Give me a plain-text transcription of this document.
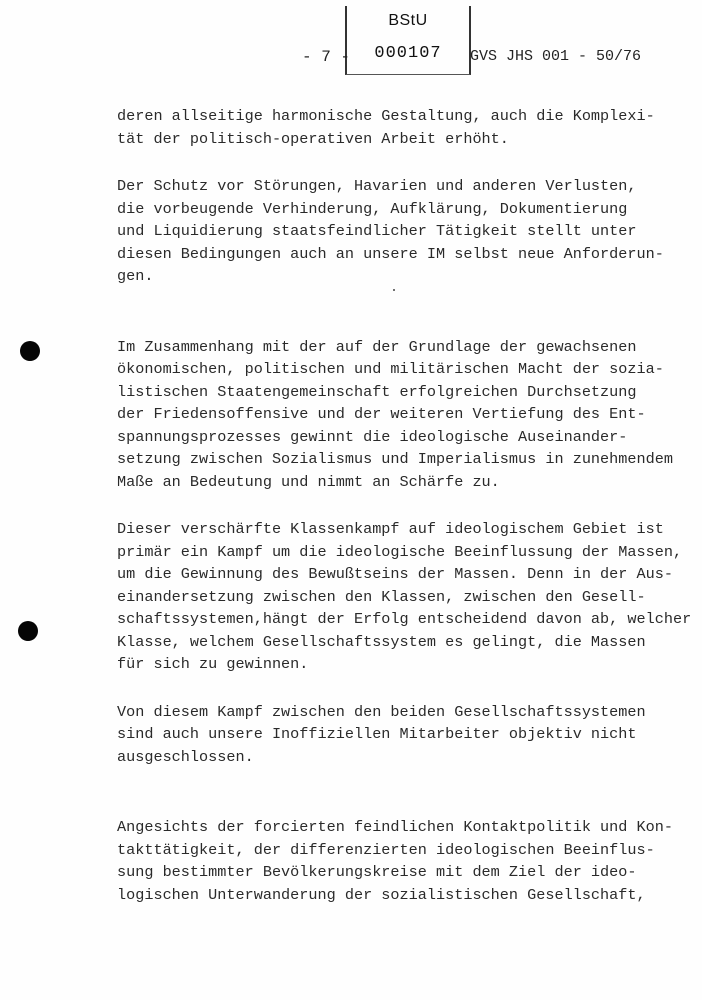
BStU
000107
- 7 -	GVS JHS 001 - 50/76
deren allseitige harmonische Gestaltung, auch die Komplexi-
tät der politisch-operativen Arbeit erhöht.
Der Schutz vor Störungen, Havarien und anderen Verlusten,
die vorbeugende Verhinderung, Aufklärung, Dokumentierung
und Liquidierung staatsfeindlicher Tätigkeit stellt unter
diesen Bedingungen auch an unsere IM selbst neue Anforderun-
gen.
Im Zusammenhang mit der auf der Grundlage der gewachsenen
ökonomischen, politischen und militärischen Macht der sozia-
listischen Staatengemeinschaft erfolgreichen Durchsetzung
der Friedensoffensive und der weiteren Vertiefung des Ent-
spannungsprozesses gewinnt die ideologische Auseinander-
setzung zwischen Sozialismus und Imperialismus in zunehmendem
Maße an Bedeutung und nimmt an Schärfe zu.
Dieser verschärfte Klassenkampf auf ideologischem Gebiet ist
primär ein Kampf um die ideologische Beeinflussung der Massen,
um die Gewinnung des Bewußtseins der Massen. Denn in der Aus-
einandersetzung zwischen den Klassen, zwischen den Gesell-
schaftssystemen,hängt der Erfolg entscheidend davon ab, welcher
Klasse, welchem Gesellschaftssystem es gelingt, die Massen
für sich zu gewinnen.
Von diesem Kampf zwischen den beiden Gesellschaftssystemen
sind auch unsere Inoffiziellen Mitarbeiter objektiv nicht
ausgeschlossen.
Angesichts der forcierten feindlichen Kontaktpolitik und Kon-
takttätigkeit, der differenzierten ideologischen Beeinflus-
sung bestimmter Bevölkerungskreise mit dem Ziel der ideo-
logischen Unterwanderung der sozialistischen Gesellschaft,
